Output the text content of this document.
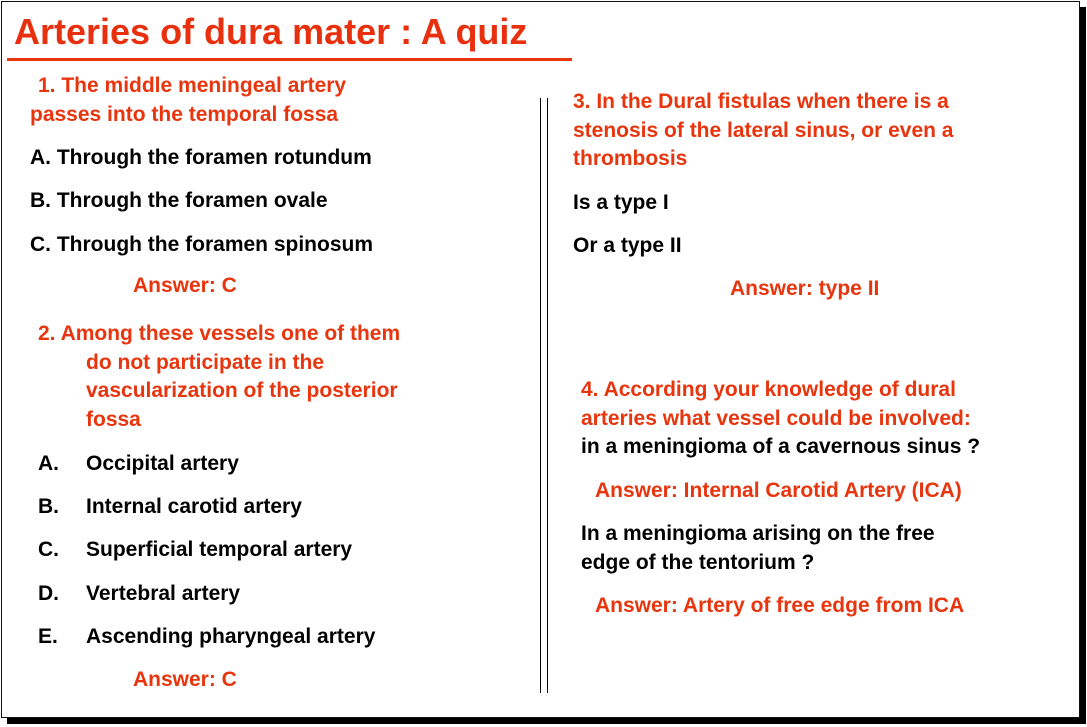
Arteries of dura mater : A quiz
1. The middle meningeal artery
passes into the temporal fossa
A. Through the foramen rotundum
B. Through the foramen ovale
C. Through the foramen spinosum
Answer: C
2. Among these vessels one of them
do not participate in the
vascularization of the posterior
fossa
A. Occipital artery
B. Internal carotid artery
C. Superficial temporal artery
D. Vertebral artery
E. Ascending pharyngeal artery
Answer: C
3. In the Dural fistulas when there is a
stenosis of the lateral sinus, or even a
thrombosis
Is a type I
Or a type II
Answer: type II
4. According your knowledge of dural
arteries what vessel could be involved:
in a meningioma of a cavernous sinus ?
Answer: Internal Carotid Artery (ICA)
In a meningioma arising on the free
edge of the tentorium ?
Answer: Artery of free edge from ICA
